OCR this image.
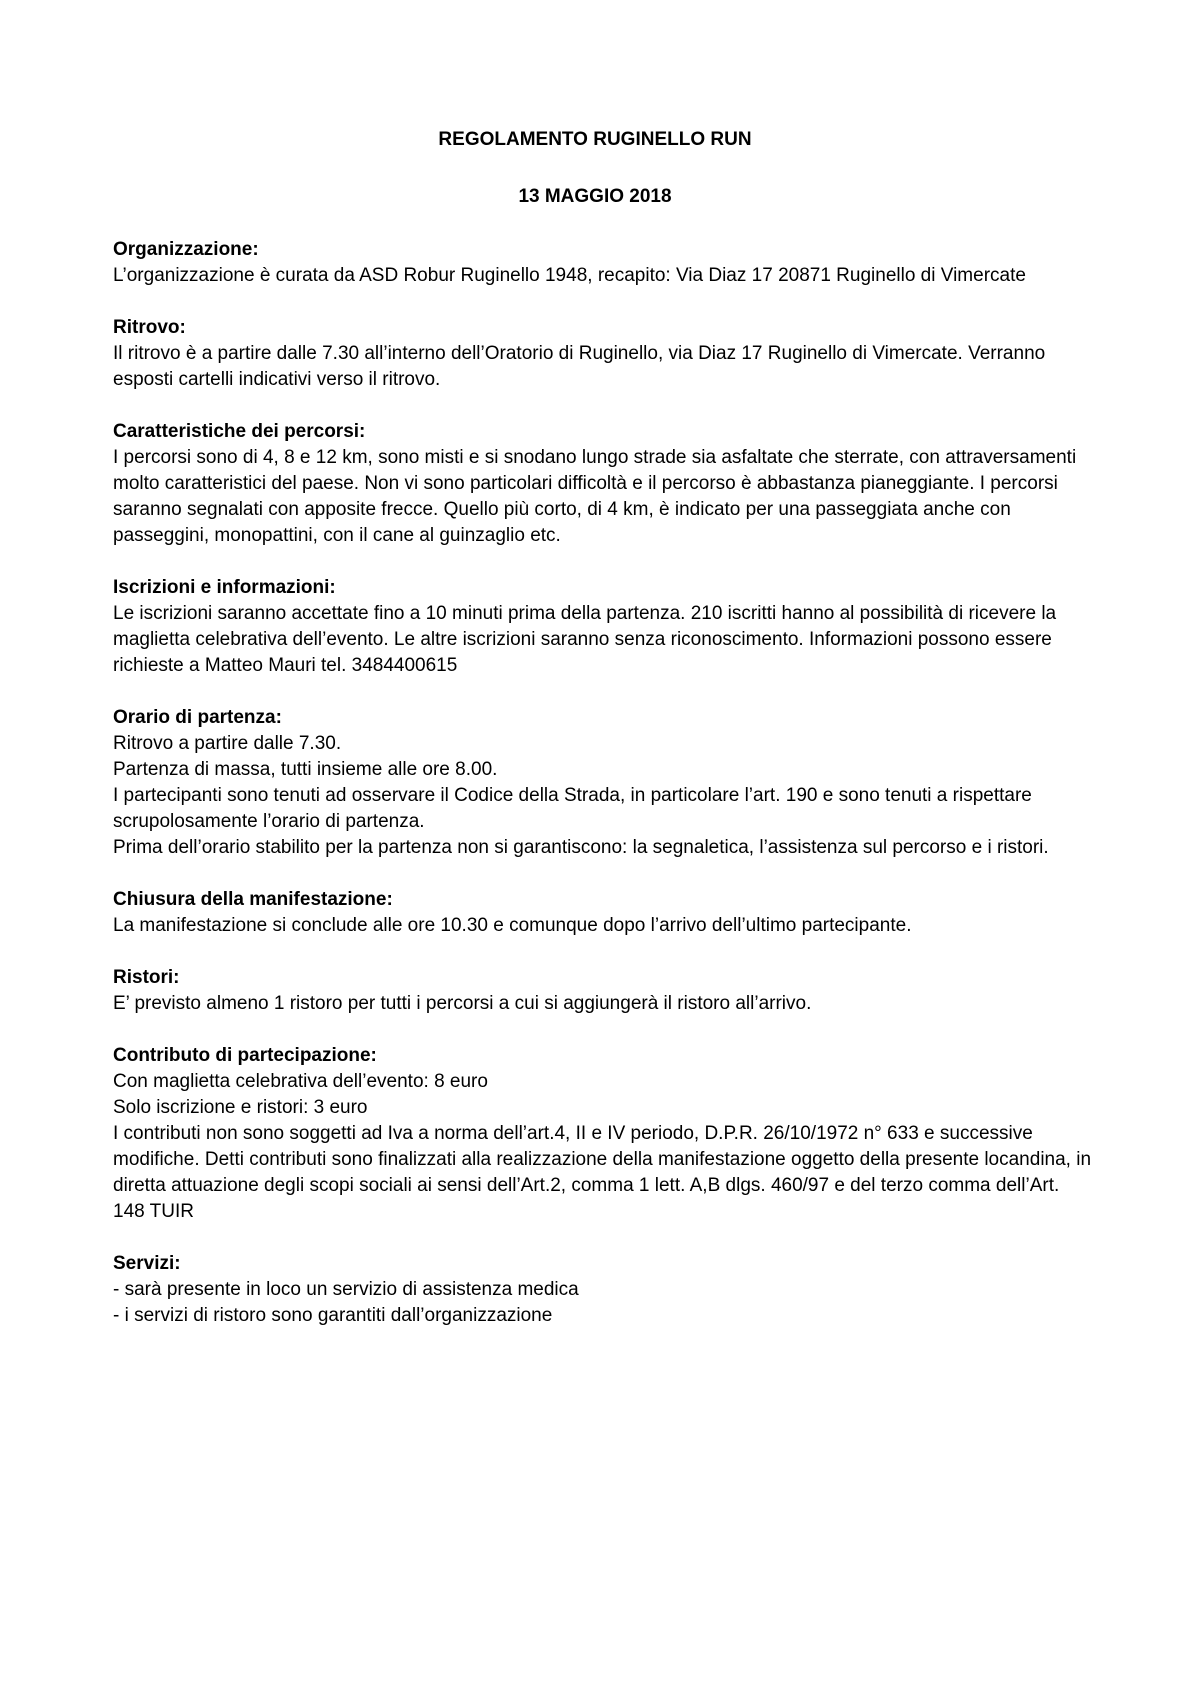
REGOLAMENTO RUGINELLO RUN
13 MAGGIO 2018

Organizzazione:

L’organizzazione è curata da ASD Robur Ruginello 1948, recapito: Via Diaz 17 20871 Ruginello di Vimercate

Ritrovo:

Il ritrovo è a partire dalle 7.30 all’interno dell’Oratorio di Ruginello, via Diaz 17 Ruginello di Vimercate. Verranno esposti cartelli indicativi verso il ritrovo.

Caratteristiche dei percorsi:

I percorsi sono di 4, 8 e 12 km, sono misti e si snodano lungo strade sia asfaltate che sterrate, con attraversamenti molto caratteristici del paese. Non vi sono particolari difficoltà e il percorso è abbastanza pianeggiante. I percorsi saranno segnalati con apposite frecce. Quello più corto, di 4 km, è indicato per una passeggiata anche con passeggini, monopattini, con il cane al guinzaglio etc.

Iscrizioni e informazioni:

Le iscrizioni saranno accettate fino a 10 minuti prima della partenza. 210 iscritti hanno al possibilità di ricevere la maglietta celebrativa dell’evento. Le altre iscrizioni saranno senza riconoscimento. Informazioni possono essere richieste a Matteo Mauri tel. 3484400615

Orario di partenza:

Ritrovo a partire dalle 7.30.

Partenza di massa, tutti insieme alle ore 8.00.

I partecipanti sono tenuti ad osservare il Codice della Strada, in particolare l’art. 190 e sono tenuti a rispettare scrupolosamente l’orario di partenza.

Prima dell’orario stabilito per la partenza non si garantiscono: la segnaletica, l’assistenza sul percorso e i ristori.

Chiusura della manifestazione:

La manifestazione si conclude alle ore 10.30 e comunque dopo l’arrivo dell’ultimo partecipante.

Ristori:

E’ previsto almeno 1 ristoro per tutti i percorsi a cui si aggiungerà il ristoro all’arrivo.

Contributo di partecipazione:

Con maglietta celebrativa dell’evento: 8 euro

Solo iscrizione e ristori: 3 euro

I contributi non sono soggetti ad Iva a norma dell’art.4, II e IV periodo, D.P.R. 26/10/1972 n° 633 e successive modifiche. Detti contributi sono finalizzati alla realizzazione della manifestazione oggetto della presente locandina, in diretta attuazione degli scopi sociali ai sensi dell’Art.2, comma 1 lett. A,B dlgs. 460/97 e del terzo comma dell’Art. 148 TUIR

Servizi:

- sarà presente in loco un servizio di assistenza medica

- i servizi di ristoro sono garantiti dall’organizzazione
